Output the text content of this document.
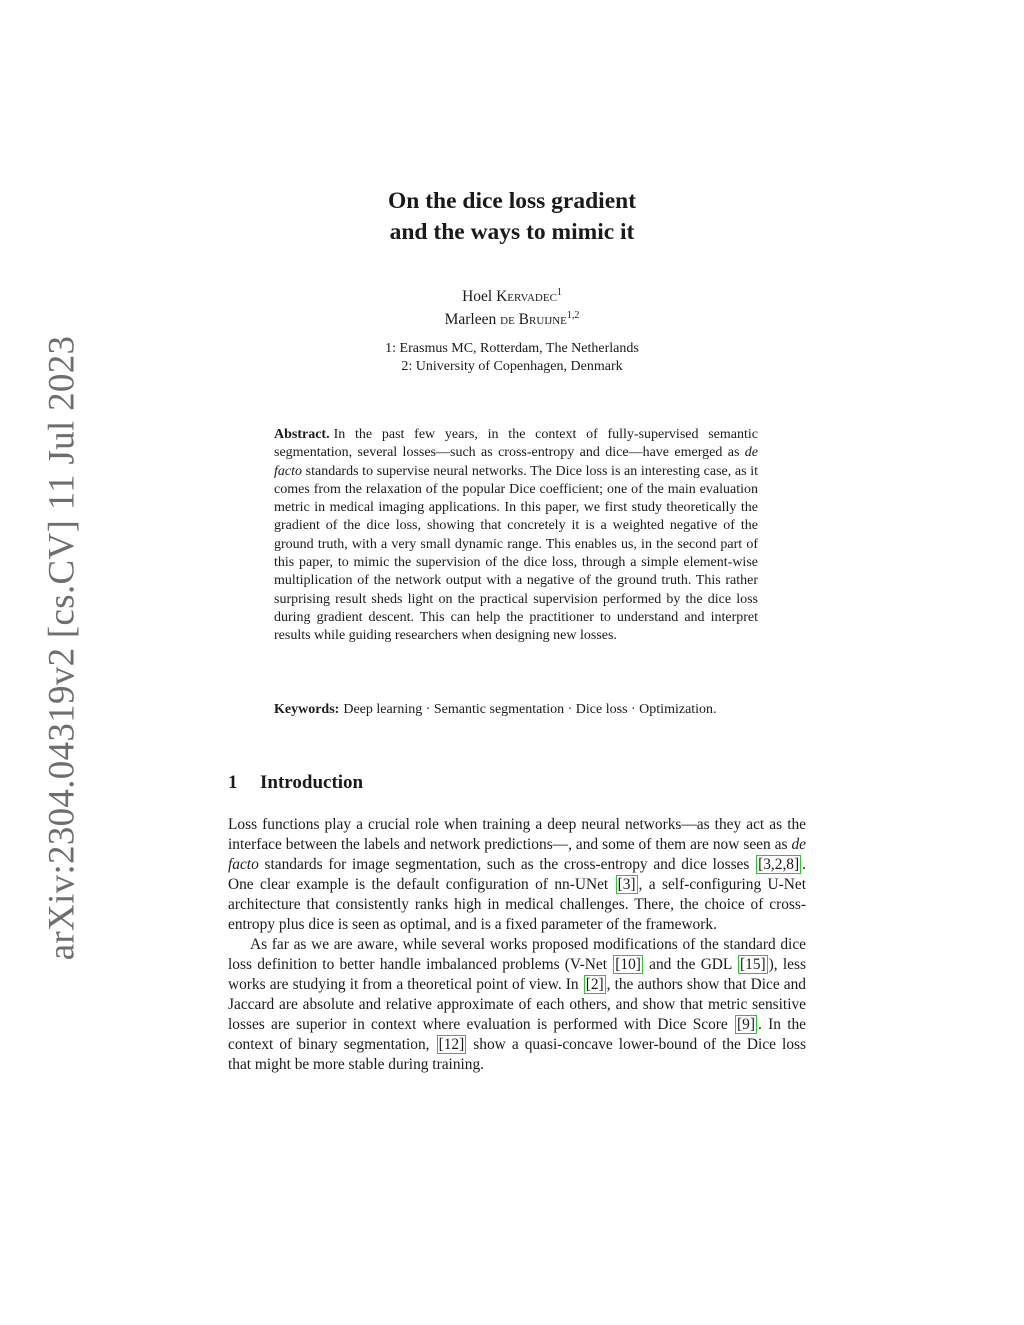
arXiv:2304.04319v2 [cs.CV] 11 Jul 2023
On the dice loss gradient
and the ways to mimic it
Hoel Kervadec$^1$
Marleen de Bruijne$^{1,2}$
1: Erasmus MC, Rotterdam, The Netherlands
2: University of Copenhagen, Denmark
Abstract. In the past few years, in the context of fully-supervised semantic segmentation, several losses—such as cross-entropy and dice—have emerged as de facto standards to supervise neural networks. The Dice loss is an interesting case, as it comes from the relaxation of the popular Dice coefficient; one of the main evaluation metric in medical imaging applications. In this paper, we first study theoretically the gradient of the dice loss, showing that concretely it is a weighted negative of the ground truth, with a very small dynamic range. This enables us, in the second part of this paper, to mimic the supervision of the dice loss, through a simple element-wise multiplication of the network output with a negative of the ground truth. This rather surprising result sheds light on the practical supervision performed by the dice loss during gradient descent. This can help the practitioner to understand and interpret results while guiding researchers when designing new losses.
Keywords: Deep learning · Semantic segmentation · Dice loss · Optimization.
1 Introduction

Loss functions play a crucial role when training a deep neural networks—as they act as the interface between the labels and network predictions—, and some of them are now seen as de facto standards for image segmentation, such as the cross-entropy and dice losses [3,2,8] . One clear example is the default configuration of nn-UNet [3] , a self-configuring U-Net architecture that consistently ranks high in medical challenges. There, the choice of cross-entropy plus dice is seen as optimal, and is a fixed parameter of the framework.

As far as we are aware, while several works proposed modifications of the standard dice loss definition to better handle imbalanced problems (V-Net [10] and the GDL [15] ), less works are studying it from a theoretical point of view. In [2] , the authors show that Dice and Jaccard are absolute and relative approximate of each others, and show that metric sensitive losses are superior in context where evaluation is performed with Dice Score [9] . In the context of binary segmentation, [12] show a quasi-concave lower-bound of the Dice loss that might be more stable during training.
